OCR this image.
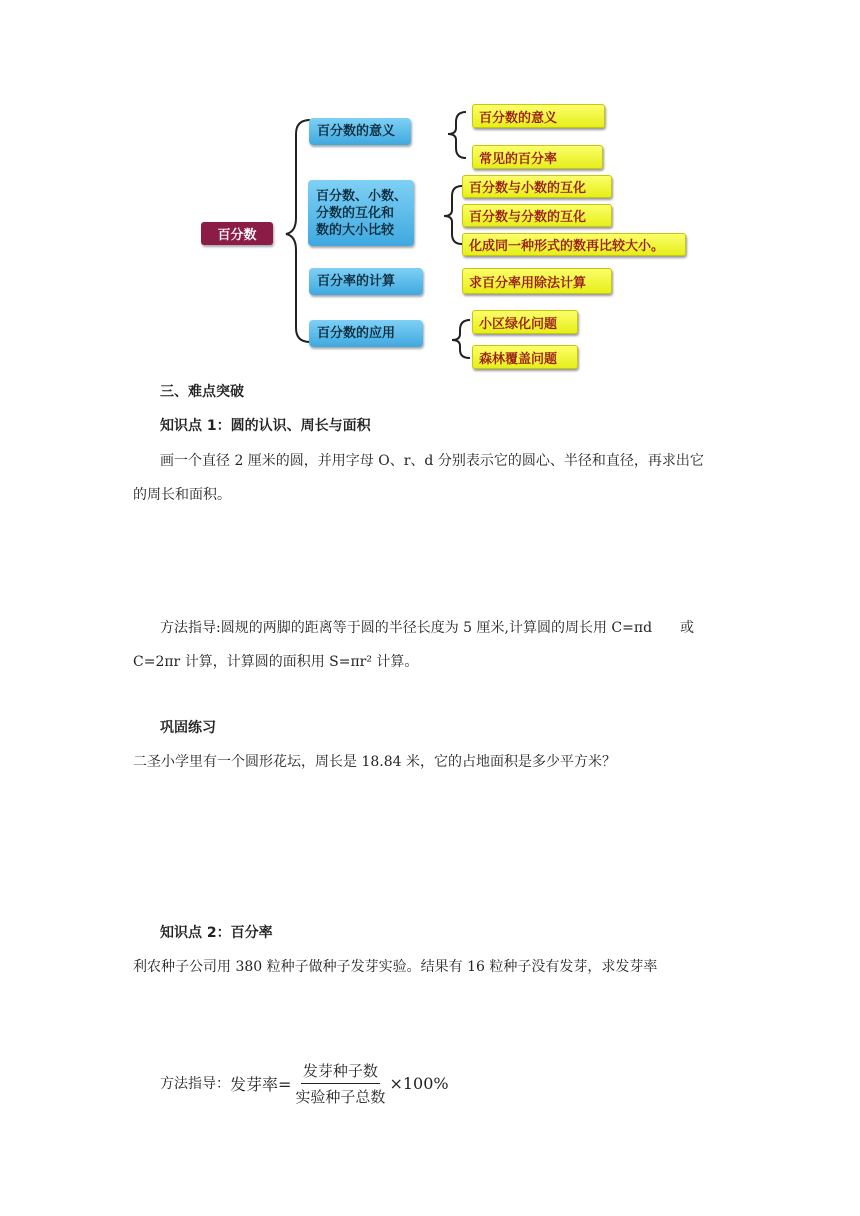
百分数
百分数的意义
百分数、小数、
分数的互化和
数的大小比较
百分率的计算
百分数的应用
百分数的意义
常见的百分率
百分数与小数的互化
百分数与分数的互化
化成同一种形式的数再比较大小。
求百分率用除法计算
小区绿化问题
森林覆盖问题
三、难点突破
知识点 1：圆的认识、周长与面积
画一个直径 2 厘米的圆，并用字母 O、r、d 分别表示它的圆心、半径和直径，再求出它
的周长和面积。
方法指导:圆规的两脚的距离等于圆的半径长度为 5 厘米,计算圆的周长用 C=πd　　或
C=2πr 计算，计算圆的面积用 S=πr² 计算。
巩固练习
二圣小学里有一个圆形花坛，周长是 18.84 米，它的占地面积是多少平方米？
知识点 2：百分率
利农种子公司用 380 粒种子做种子发芽实验。结果有 16 粒种子没有发芽，求发芽率
方法指导： 发芽率= $\frac{\text{发芽种子数}}{\text{实验种子总数}} \times 100\%$
